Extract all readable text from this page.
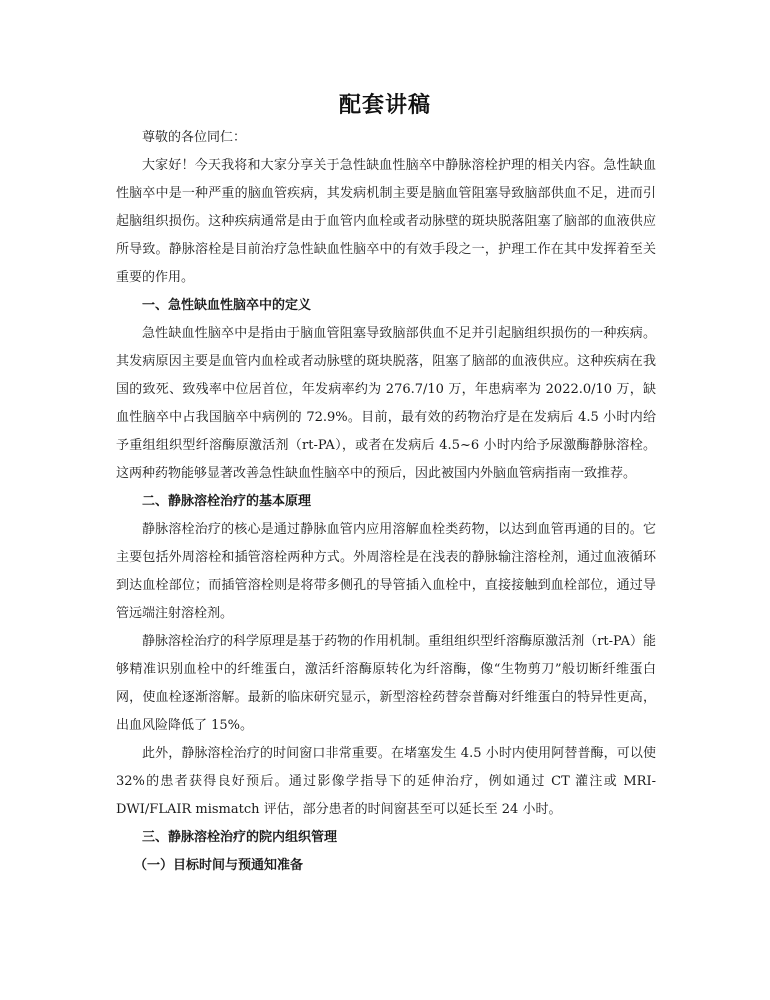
配套讲稿

尊敬的各位同仁：

大家好！今天我将和大家分享关于急性缺血性脑卒中静脉溶栓护理的相关内容。急性缺血性脑卒中是一种严重的脑血管疾病，其发病机制主要是脑血管阻塞导致脑部供血不足，进而引起脑组织损伤。这种疾病通常是由于血管内血栓或者动脉壁的斑块脱落阻塞了脑部的血液供应所导致。静脉溶栓是目前治疗急性缺血性脑卒中的有效手段之一，护理工作在其中发挥着至关重要的作用。

一、急性缺血性脑卒中的定义

急性缺血性脑卒中是指由于脑血管阻塞导致脑部供血不足并引起脑组织损伤的一种疾病。其发病原因主要是血管内血栓或者动脉壁的斑块脱落，阻塞了脑部的血液供应。这种疾病在我国的致死、致残率中位居首位，年发病率约为 276.7/10 万，年患病率为 2022.0/10 万，缺血性脑卒中占我国脑卒中病例的 72.9%。目前，最有效的药物治疗是在发病后 4.5 小时内给予重组组织型纤溶酶原激活剂（rt-PA），或者在发病后 4.5~6 小时内给予尿激酶静脉溶栓。这两种药物能够显著改善急性缺血性脑卒中的预后，因此被国内外脑血管病指南一致推荐。

二、静脉溶栓治疗的基本原理

静脉溶栓治疗的核心是通过静脉血管内应用溶解血栓类药物，以达到血管再通的目的。它主要包括外周溶栓和插管溶栓两种方式。外周溶栓是在浅表的静脉输注溶栓剂，通过血液循环到达血栓部位；而插管溶栓则是将带多侧孔的导管插入血栓中，直接接触到血栓部位，通过导管远端注射溶栓剂。

静脉溶栓治疗的科学原理是基于药物的作用机制。重组组织型纤溶酶原激活剂（rt-PA）能够精准识别血栓中的纤维蛋白，激活纤溶酶原转化为纤溶酶，像“生物剪刀”般切断纤维蛋白网，使血栓逐渐溶解。最新的临床研究显示，新型溶栓药替奈普酶对纤维蛋白的特异性更高，出血风险降低了 15%。

此外，静脉溶栓治疗的时间窗口非常重要。在堵塞发生 4.5 小时内使用阿替普酶，可以使 32%的患者获得良好预后。通过影像学指导下的延伸治疗，例如通过 CT 灌注或 MRI-DWI/FLAIR mismatch 评估，部分患者的时间窗甚至可以延长至 24 小时。

三、静脉溶栓治疗的院内组织管理
（一）目标时间与预通知准备
